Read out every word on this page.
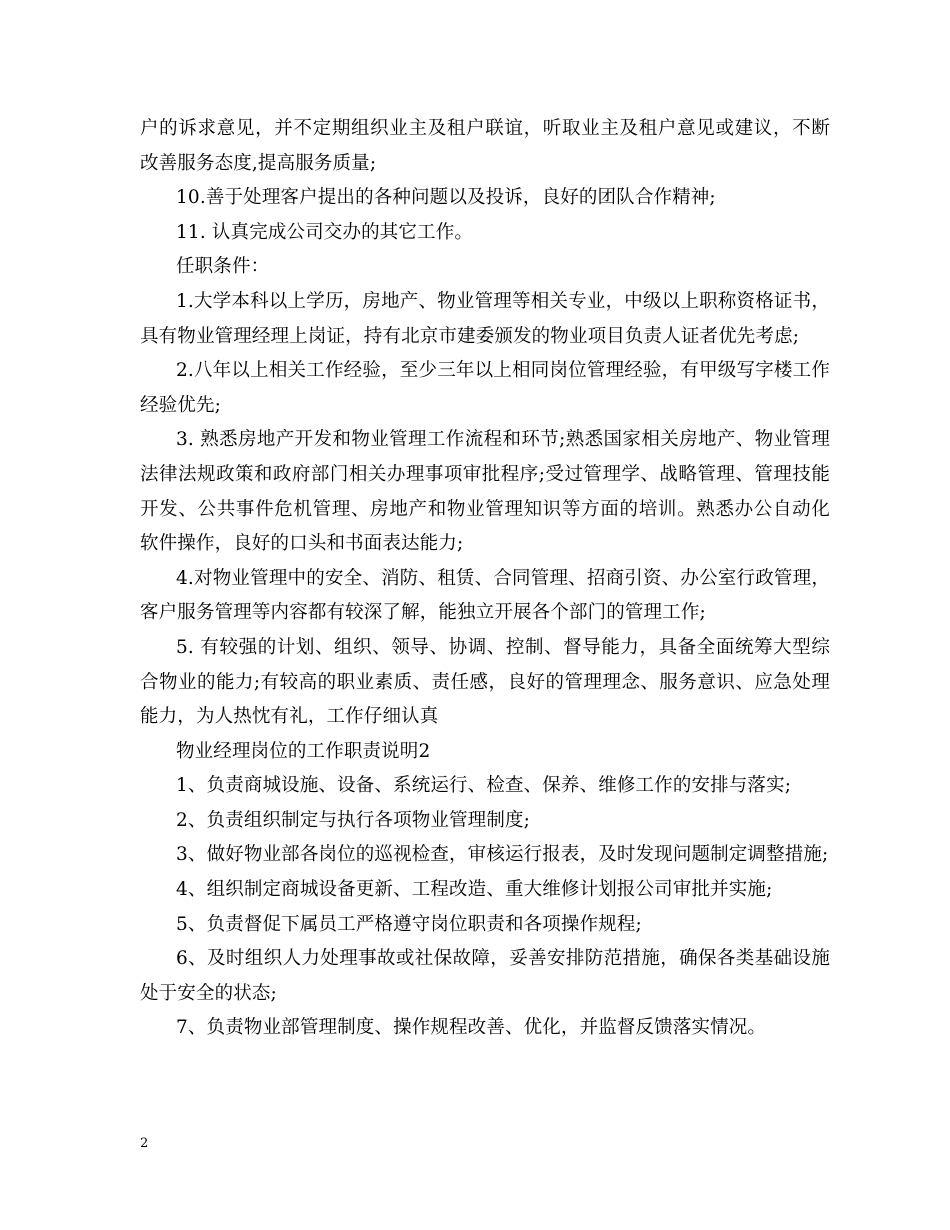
户的诉求意见，并不定期组织业主及租户联谊，听取业主及租户意见或建议，不断改善服务态度,提高服务质量;

10.善于处理客户提出的各种问题以及投诉，良好的团队合作精神;

11. 认真完成公司交办的其它工作。

任职条件：

1.大学本科以上学历，房地产、物业管理等相关专业，中级以上职称资格证书，具有物业管理经理上岗证，持有北京市建委颁发的物业项目负责人证者优先考虑;

2.八年以上相关工作经验，至少三年以上相同岗位管理经验，有甲级写字楼工作经验优先;

3. 熟悉房地产开发和物业管理工作流程和环节;熟悉国家相关房地产、物业管理法律法规政策和政府部门相关办理事项审批程序;受过管理学、战略管理、管理技能开发、公共事件危机管理、房地产和物业管理知识等方面的培训。熟悉办公自动化软件操作，良好的口头和书面表达能力;

4.对物业管理中的安全、消防、租赁、合同管理、招商引资、办公室行政管理，客户服务管理等内容都有较深了解，能独立开展各个部门的管理工作;

5. 有较强的计划、组织、领导、协调、控制、督导能力，具备全面统筹大型综合物业的能力;有较高的职业素质、责任感，良好的管理理念、服务意识、应急处理能力，为人热忱有礼，工作仔细认真

物业经理岗位的工作职责说明2

1、负责商城设施、设备、系统运行、检查、保养、维修工作的安排与落实;

2、负责组织制定与执行各项物业管理制度;

3、做好物业部各岗位的巡视检查，审核运行报表，及时发现问题制定调整措施;

4、组织制定商城设备更新、工程改造、重大维修计划报公司审批并实施;

5、负责督促下属员工严格遵守岗位职责和各项操作规程;

6、及时组织人力处理事故或社保故障，妥善安排防范措施，确保各类基础设施处于安全的状态;

7、负责物业部管理制度、操作规程改善、优化，并监督反馈落实情况。

2
